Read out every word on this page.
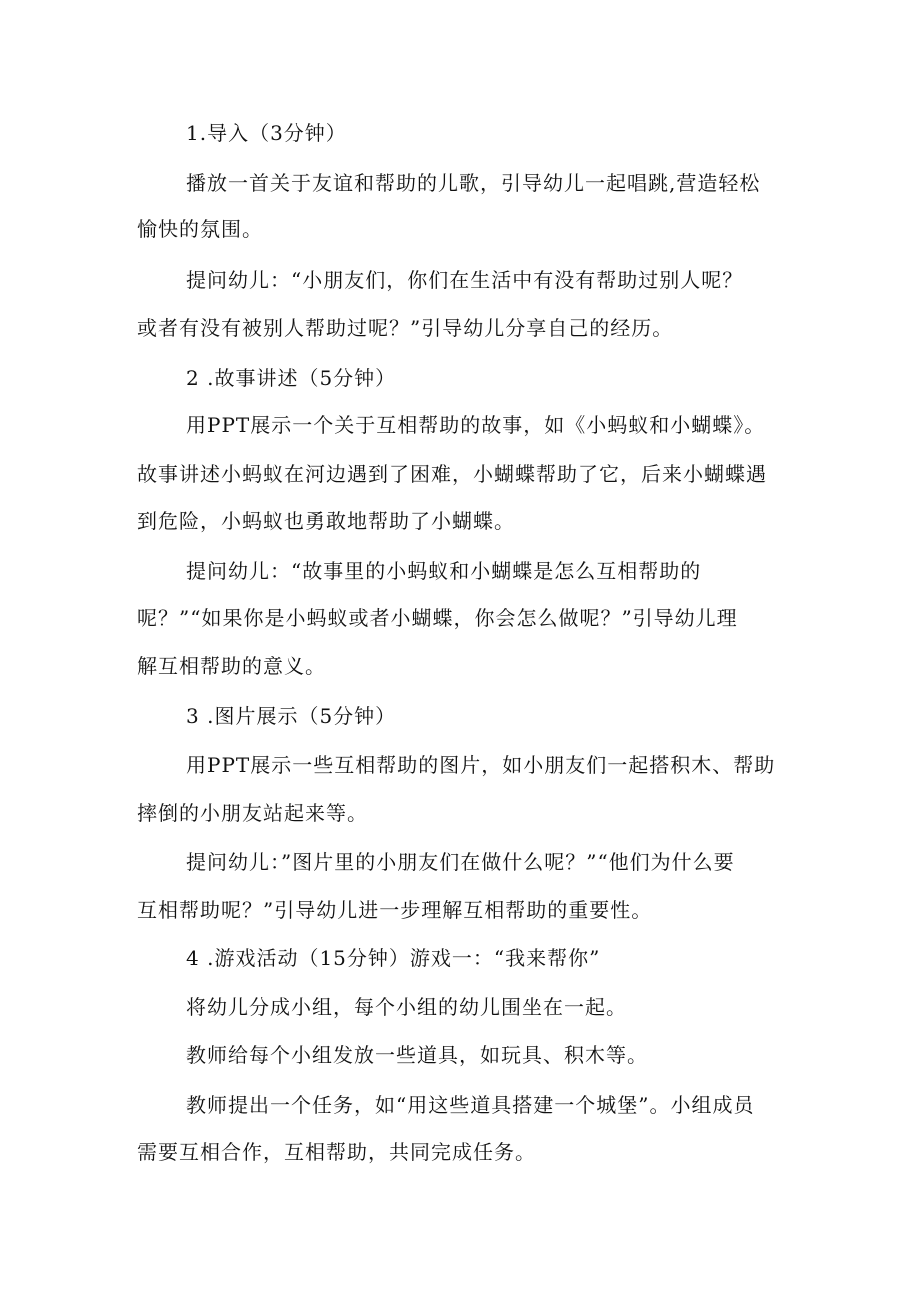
1.导入（3分钟）

播放一首关于友谊和帮助的儿歌，引导幼儿一起唱跳,营造轻松

愉快的氛围。

提问幼儿：“小朋友们，你们在生活中有没有帮助过别人呢？

或者有没有被别人帮助过呢？”引导幼儿分享自己的经历。

2 .故事讲述（5分钟）

用PPT展示一个关于互相帮助的故事，如《小蚂蚁和小蝴蝶》。

故事讲述小蚂蚁在河边遇到了困难，小蝴蝶帮助了它，后来小蝴蝶遇

到危险，小蚂蚁也勇敢地帮助了小蝴蝶。

提问幼儿：“故事里的小蚂蚁和小蝴蝶是怎么互相帮助的

呢？”“如果你是小蚂蚁或者小蝴蝶，你会怎么做呢？”引导幼儿理

解互相帮助的意义。

3 .图片展示（5分钟）

用PPT展示一些互相帮助的图片，如小朋友们一起搭积木、帮助

摔倒的小朋友站起来等。

提问幼儿：”图片里的小朋友们在做什么呢？”“他们为什么要

互相帮助呢？”引导幼儿进一步理解互相帮助的重要性。

4 .游戏活动（15分钟）游戏一：“我来帮你”

将幼儿分成小组，每个小组的幼儿围坐在一起。

教师给每个小组发放一些道具，如玩具、积木等。

教师提出一个任务，如“用这些道具搭建一个城堡”。小组成员

需要互相合作，互相帮助，共同完成任务。
